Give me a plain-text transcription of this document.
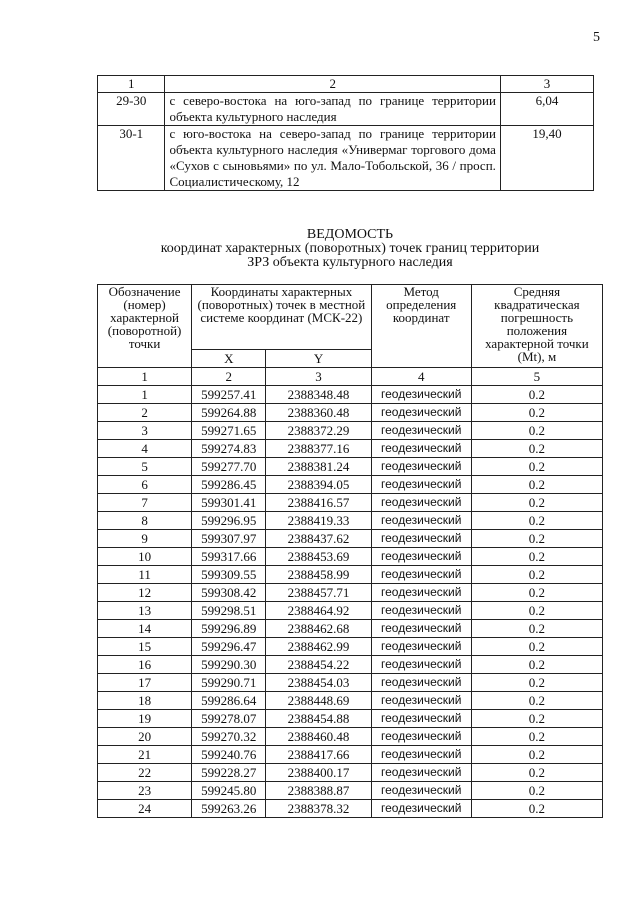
5
1	2	3
29-30	с северо-востока на юго-запад по границе территории объекта культурного наследия	6,04
30-1	с юго-востока на северо-запад по границе территории объекта культурного наследия «Универмаг торгового дома «Сухов с сыновьями» по ул. Мало-Тобольской, 36 / просп. Социалистическому, 12	19,40
ВЕДОМОСТЬ
координат характерных (поворотных) точек границ территории
ЗРЗ объекта культурного наследия
Обозначение (номер) характерной (поворотной) точки	Координаты характерных (поворотных) точек в местной системе координат (МСК-22)		Метод определения координат	Средняя квадратическая погрешность положения характерной точки (Mt), м
	X	Y		
1	2	3	4	5
1	599257.41	2388348.48	геодезический	0.2
2	599264.88	2388360.48	геодезический	0.2
3	599271.65	2388372.29	геодезический	0.2
4	599274.83	2388377.16	геодезический	0.2
5	599277.70	2388381.24	геодезический	0.2
6	599286.45	2388394.05	геодезический	0.2
7	599301.41	2388416.57	геодезический	0.2
8	599296.95	2388419.33	геодезический	0.2
9	599307.97	2388437.62	геодезический	0.2
10	599317.66	2388453.69	геодезический	0.2
11	599309.55	2388458.99	геодезический	0.2
12	599308.42	2388457.71	геодезический	0.2
13	599298.51	2388464.92	геодезический	0.2
14	599296.89	2388462.68	геодезический	0.2
15	599296.47	2388462.99	геодезический	0.2
16	599290.30	2388454.22	геодезический	0.2
17	599290.71	2388454.03	геодезический	0.2
18	599286.64	2388448.69	геодезический	0.2
19	599278.07	2388454.88	геодезический	0.2
20	599270.32	2388460.48	геодезический	0.2
21	599240.76	2388417.66	геодезический	0.2
22	599228.27	2388400.17	геодезический	0.2
23	599245.80	2388388.87	геодезический	0.2
24	599263.26	2388378.32	геодезический	0.2
